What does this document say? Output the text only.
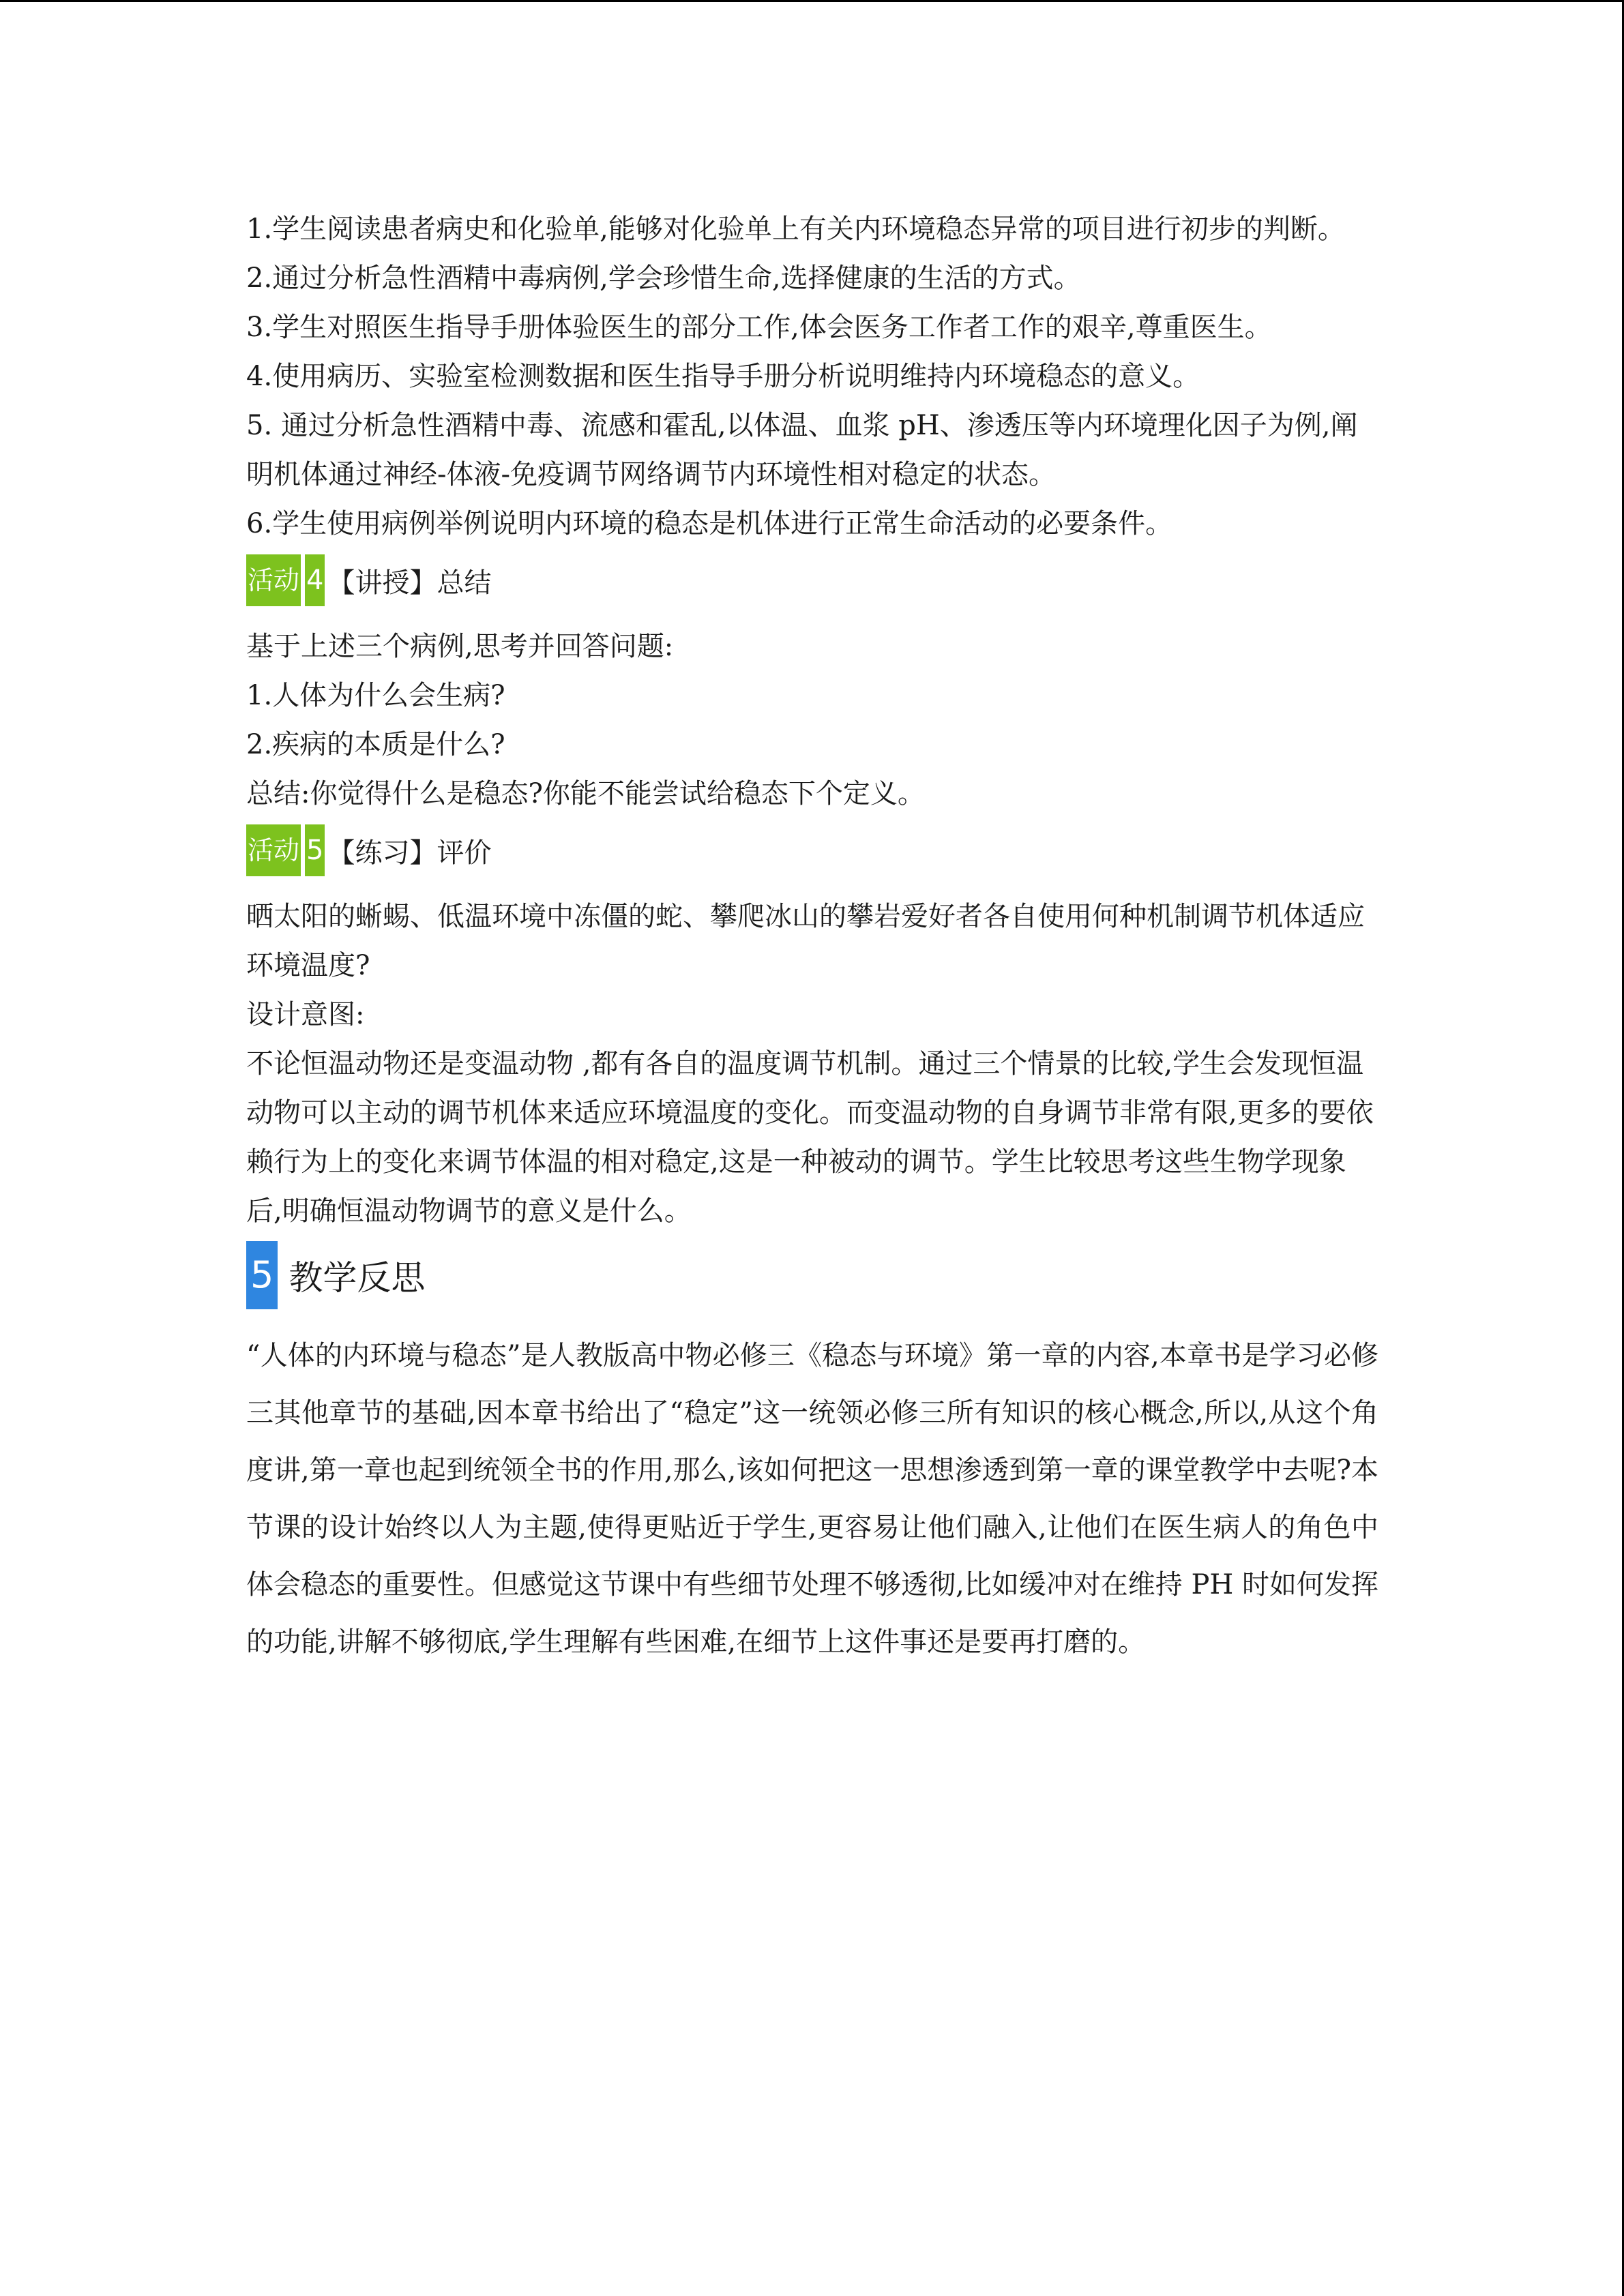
1.学生阅读患者病史和化验单,能够对化验单上有关内环境稳态异常的项目进行初步的判断。

2.通过分析急性酒精中毒病例,学会珍惜生命,选择健康的生活的方式。

3.学生对照医生指导手册体验医生的部分工作,体会医务工作者工作的艰辛,尊重医生。

4.使用病历、实验室检测数据和医生指导手册分析说明维持内环境稳态的意义。

5. 通过分析急性酒精中毒、流感和霍乱,以体温、血浆 pH、渗透压等内环境理化因子为例,阐明机体通过神经-体液-免疫调节网络调节内环境性相对稳定的状态。

6.学生使用病例举例说明内环境的稳态是机体进行正常生命活动的必要条件。

活动 4 【讲授】总结

基于上述三个病例,思考并回答问题:

1.人体为什么会生病?

2.疾病的本质是什么?

总结:你觉得什么是稳态?你能不能尝试给稳态下个定义。

活动 5 【练习】评价

晒太阳的蜥蜴、低温环境中冻僵的蛇、攀爬冰山的攀岩爱好者各自使用何种机制调节机体适应环境温度?

设计意图:

不论恒温动物还是变温动物 ,都有各自的温度调节机制。通过三个情景的比较,学生会发现恒温动物可以主动的调节机体来适应环境温度的变化。而变温动物的自身调节非常有限,更多的要依赖行为上的变化来调节体温的相对稳定,这是一种被动的调节。学生比较思考这些生物学现象后,明确恒温动物调节的意义是什么。

5 教学反思

“人体的内环境与稳态”是人教版高中物必修三《稳态与环境》第一章的内容,本章书是学习必修三其他章节的基础,因本章书给出了“稳定”这一统领必修三所有知识的核心概念,所以,从这个角度讲,第一章也起到统领全书的作用,那么,该如何把这一思想渗透到第一章的课堂教学中去呢?本节课的设计始终以人为主题,使得更贴近于学生,更容易让他们融入,让他们在医生病人的角色中体会稳态的重要性。但感觉这节课中有些细节处理不够透彻,比如缓冲对在维持 PH 时如何发挥的功能,讲解不够彻底,学生理解有些困难,在细节上这件事还是要再打磨的。
